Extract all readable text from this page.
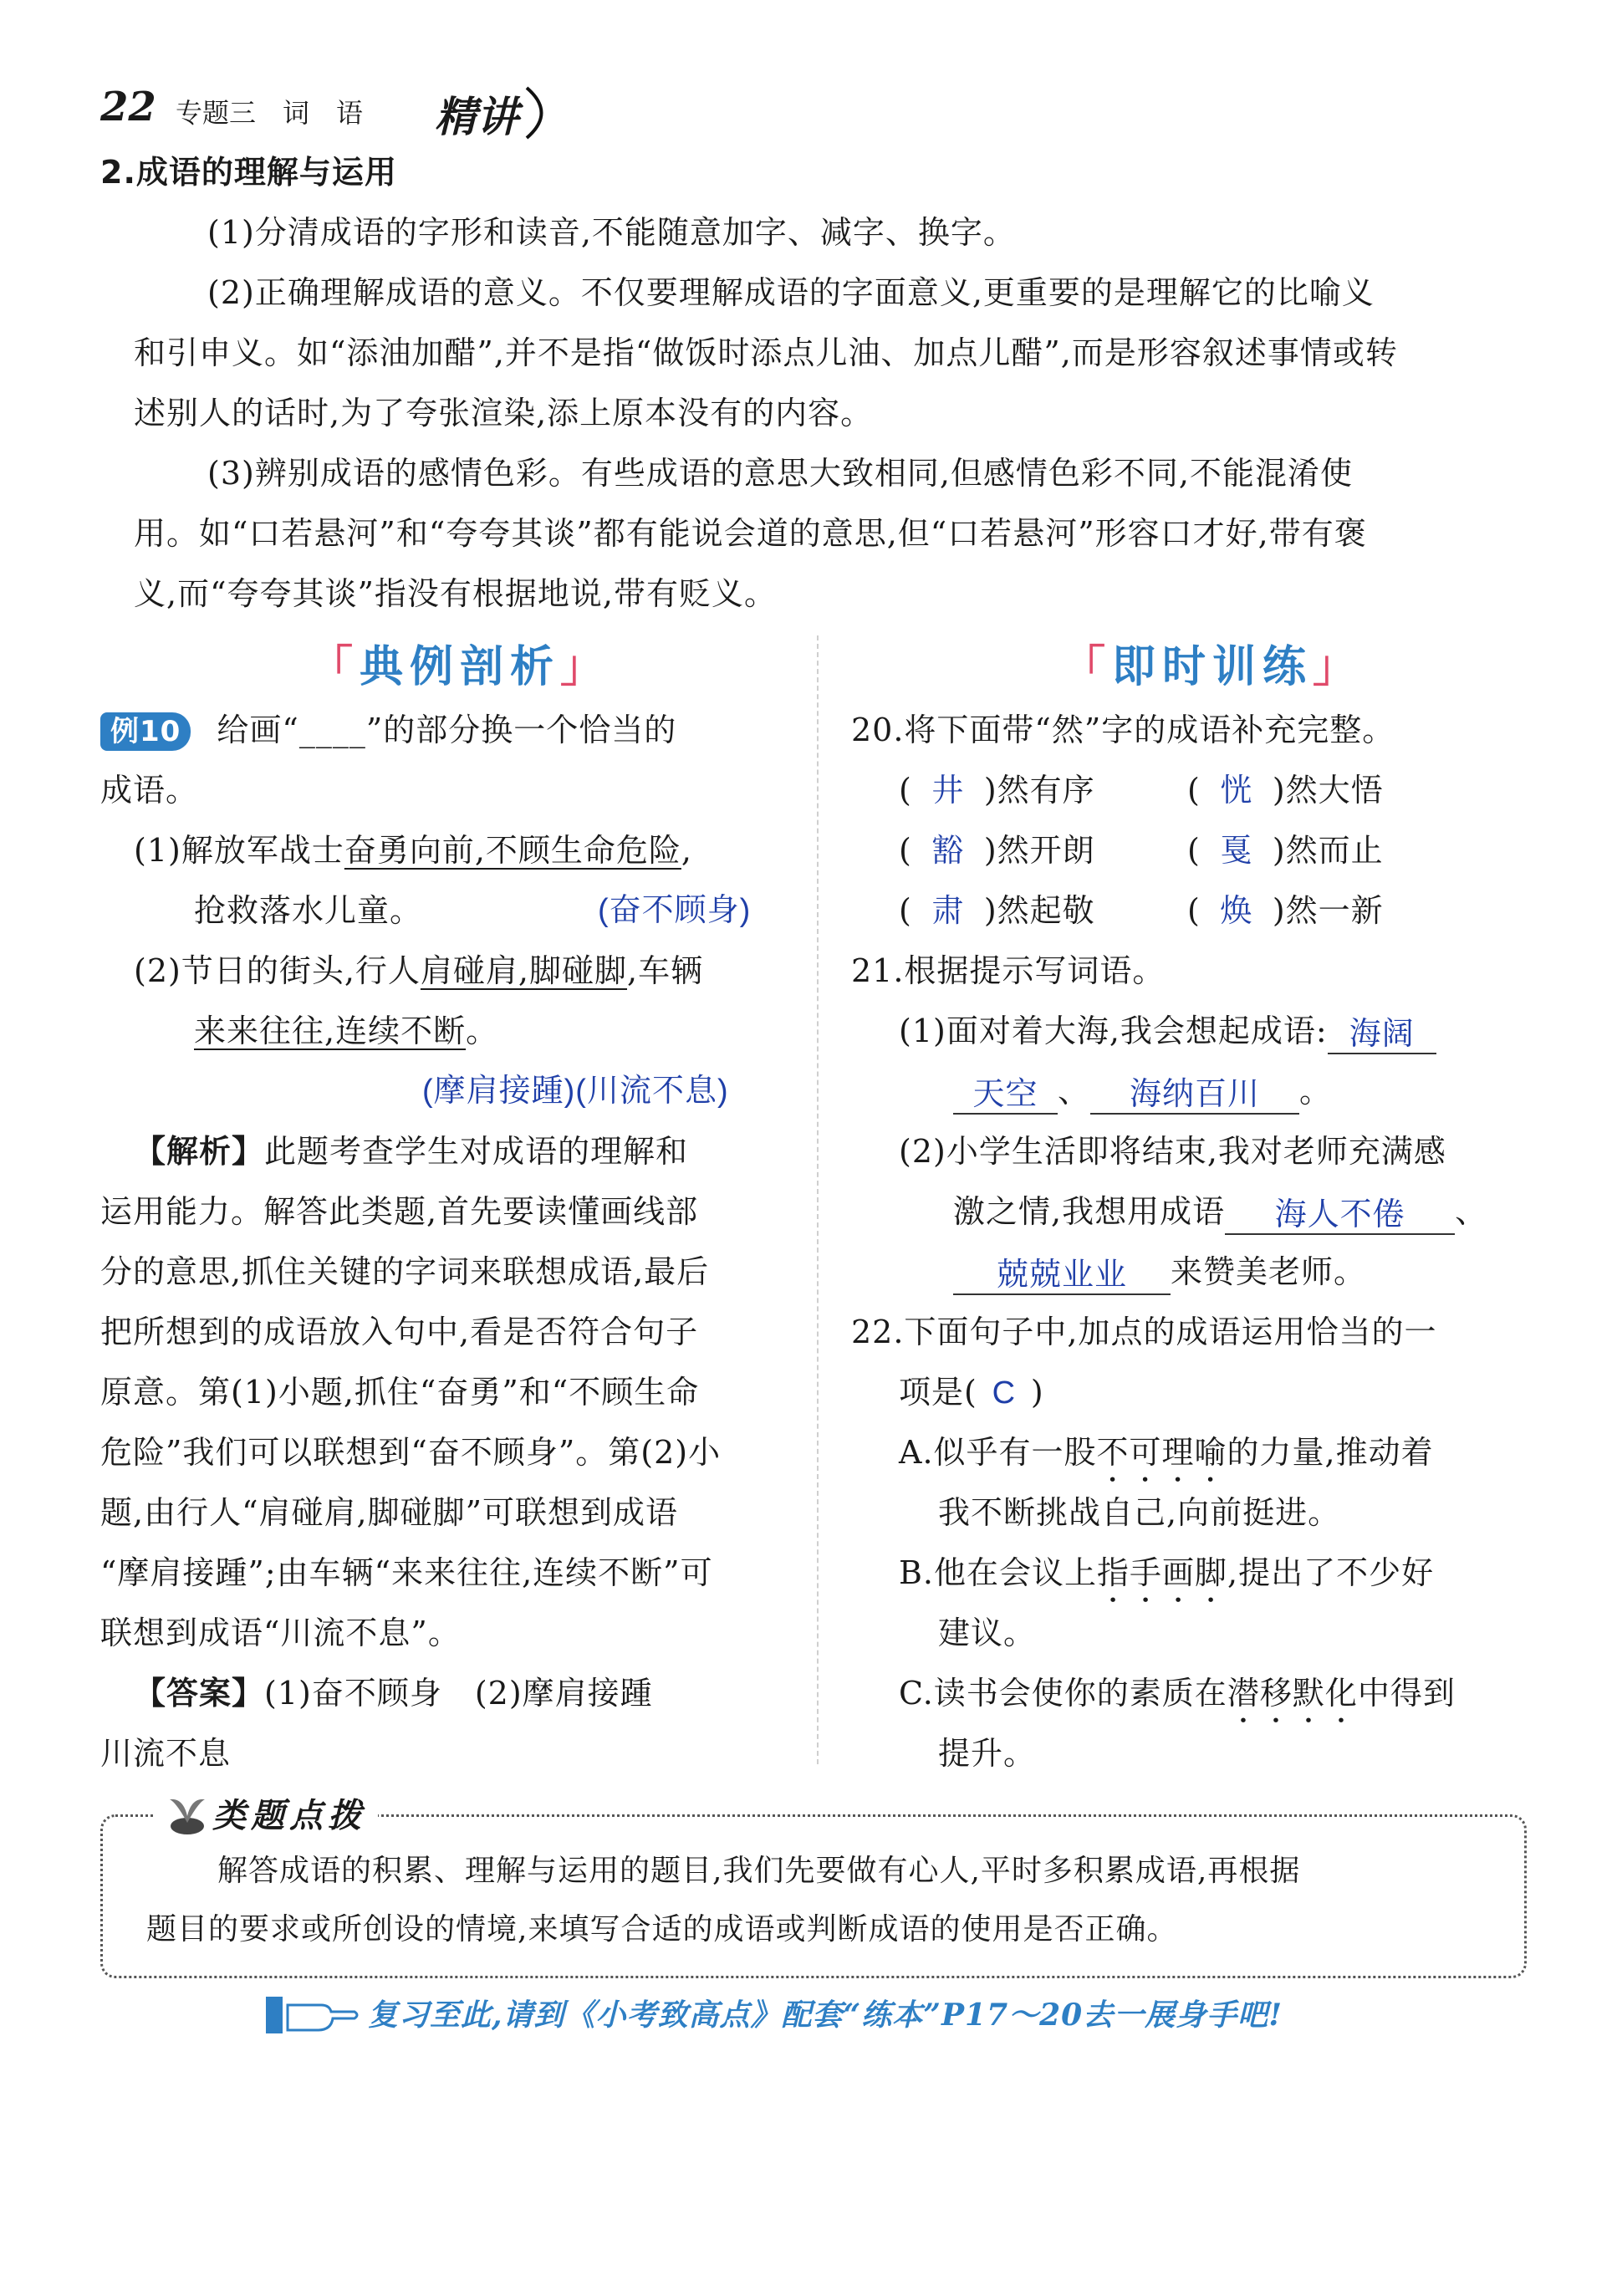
22 专题三　词　语 精讲
2.成语的理解与运用
(1)分清成语的字形和读音,不能随意加字、减字、换字。
(2)正确理解成语的意义。不仅要理解成语的字面意义,更重要的是理解它的比喻义
和引申义。如“添油加醋”,并不是指“做饭时添点儿油、加点儿醋”,而是形容叙述事情或转
述别人的话时,为了夸张渲染,添上原本没有的内容。
(3)辨别成语的感情色彩。有些成语的意思大致相同,但感情色彩不同,不能混淆使
用。如“口若悬河”和“夸夸其谈”都有能说会道的意思,但“口若悬河”形容口才好,带有褒
义,而“夸夸其谈”指没有根据地说,带有贬义。
「典例剖析」	「即时训练」
例10 给画“____”的部分换一个恰当的
成语。
(1)解放军战士奋勇向前,不顾生命危险,
抢救落水儿童。	(奋不顾身)
(2)节日的街头,行人肩碰肩,脚碰脚,车辆
来来往往,连续不断。
(摩肩接踵)(川流不息)
【解析】此题考查学生对成语的理解和
运用能力。解答此类题,首先要读懂画线部
分的意思,抓住关键的字词来联想成语,最后
把所想到的成语放入句中,看是否符合句子
原意。第(1)小题,抓住“奋勇”和“不顾生命
危险”我们可以联想到“奋不顾身”。第(2)小
题,由行人“肩碰肩,脚碰脚”可联想到成语
“摩肩接踵”;由车辆“来来往往,连续不断”可
联想到成语“川流不息”。
【答案】(1)奋不顾身　(2)摩肩接踵
川流不息
20.将下面带“然”字的成语补充完整。
( 井 )然有序	( 恍 )然大悟
( 豁 )然开朗	( 戛 )然而止
( 肃 )然起敬	( 焕 )然一新
21.根据提示写词语。
(1)面对着大海,我会想起成语: 海阔
天空 、 海纳百川 。
(2)小学生活即将结束,我对老师充满感
激之情,我想用成语 海人不倦 、
兢兢业业 来赞美老师。
22.下面句子中,加点的成语运用恰当的一
项是( C )
A.似乎有一股不可理喻的力量,推动着
我不断挑战自己,向前挺进。
B.他在会议上指手画脚,提出了不少好
建议。
C.读书会使你的素质在潜移默化中得到
提升。
类题点拨
解答成语的积累、理解与运用的题目,我们先要做有心人,平时多积累成语,再根据
题目的要求或所创设的情境,来填写合适的成语或判断成语的使用是否正确。
复习至此,请到《小考致高点》配套“练本”P17～20去一展身手吧!
